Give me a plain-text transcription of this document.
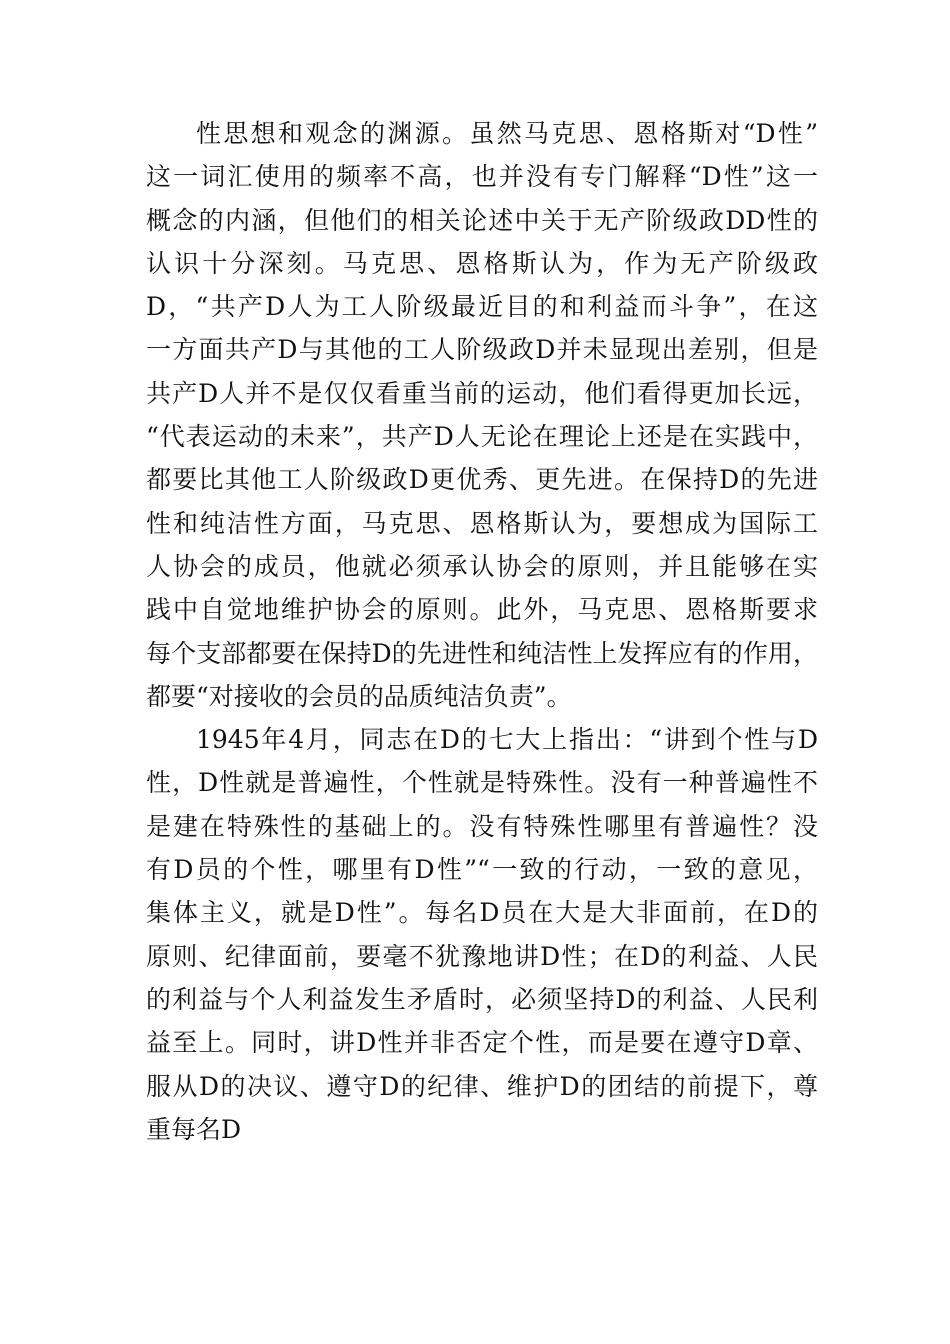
性思想和观念的渊源。虽然马克思、恩格斯对“D性”
这一词汇使用的频率不高，也并没有专门解释“D性”这一
概念的内涵，但他们的相关论述中关于无产阶级政DD性的
认识十分深刻。马克思、恩格斯认为，作为无产阶级政
D，“共产D人为工人阶级最近目的和利益而斗争”，在这
一方面共产D与其他的工人阶级政D并未显现出差别，但是
共产D人并不是仅仅看重当前的运动，他们看得更加长远，
“代表运动的未来”，共产D人无论在理论上还是在实践中，
都要比其他工人阶级政D更优秀、更先进。在保持D的先进
性和纯洁性方面，马克思、恩格斯认为，要想成为国际工
人协会的成员，他就必须承认协会的原则，并且能够在实
践中自觉地维护协会的原则。此外，马克思、恩格斯要求
每个支部都要在保持D的先进性和纯洁性上发挥应有的作用，
都要“对接收的会员的品质纯洁负责”。
1945年4月，同志在D的七大上指出：“讲到个性与D
性，D性就是普遍性，个性就是特殊性。没有一种普遍性不
是建在特殊性的基础上的。没有特殊性哪里有普遍性？没
有D员的个性，哪里有D性”“一致的行动，一致的意见，
集体主义，就是D性”。每名D员在大是大非面前，在D的
原则、纪律面前，要毫不犹豫地讲D性；在D的利益、人民
的利益与个人利益发生矛盾时，必须坚持D的利益、人民利
益至上。同时，讲D性并非否定个性，而是要在遵守D章、
服从D的决议、遵守D的纪律、维护D的团结的前提下，尊
重每名D
